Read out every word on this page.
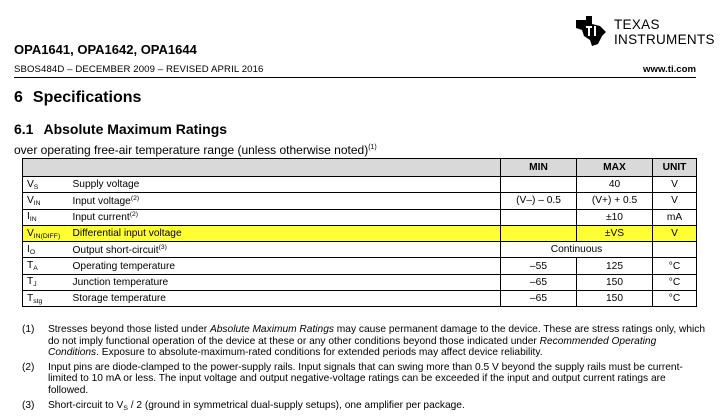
TEXAS
INSTRUMENTS
OPA1641, OPA1642, OPA1644
SBOS484D – DECEMBER 2009 – REVISED APRIL 2016	www.ti.com
6 Specifications
6.1 Absolute Maximum Ratings
over operating free-air temperature range (unless otherwise noted)$^{(1)}$
		MIN	MAX	UNIT
VS	Supply voltage		40	V
VIN	Input voltage$^{(2)}$	(V–) – 0.5	(V+) + 0.5	V
IIN	Input current$^{(2)}$		±10	mA
VIN(DIFF)	Differential input voltage		±VS	V
IO	Output short-circuit$^{(3)}$	Continuous		
TA	Operating temperature	–55	125	°C
TJ	Junction temperature	–65	150	°C
Tstg	Storage temperature	–65	150	°C
(1)	Stresses beyond those listed under Absolute Maximum Ratings may cause permanent damage to the device. These are stress ratings only, which do not imply functional operation of the device at these or any other conditions beyond those indicated under Recommended Operating Conditions. Exposure to absolute-maximum-rated conditions for extended periods may affect device reliability.
(2)	Input pins are diode-clamped to the power-supply rails. Input signals that can swing more than 0.5 V beyond the supply rails must be current-limited to 10 mA or less. The input voltage and output negative-voltage ratings can be exceeded if the input and output current ratings are followed.
(3)	Short-circuit to VS / 2 (ground in symmetrical dual-supply setups), one amplifier per package.
